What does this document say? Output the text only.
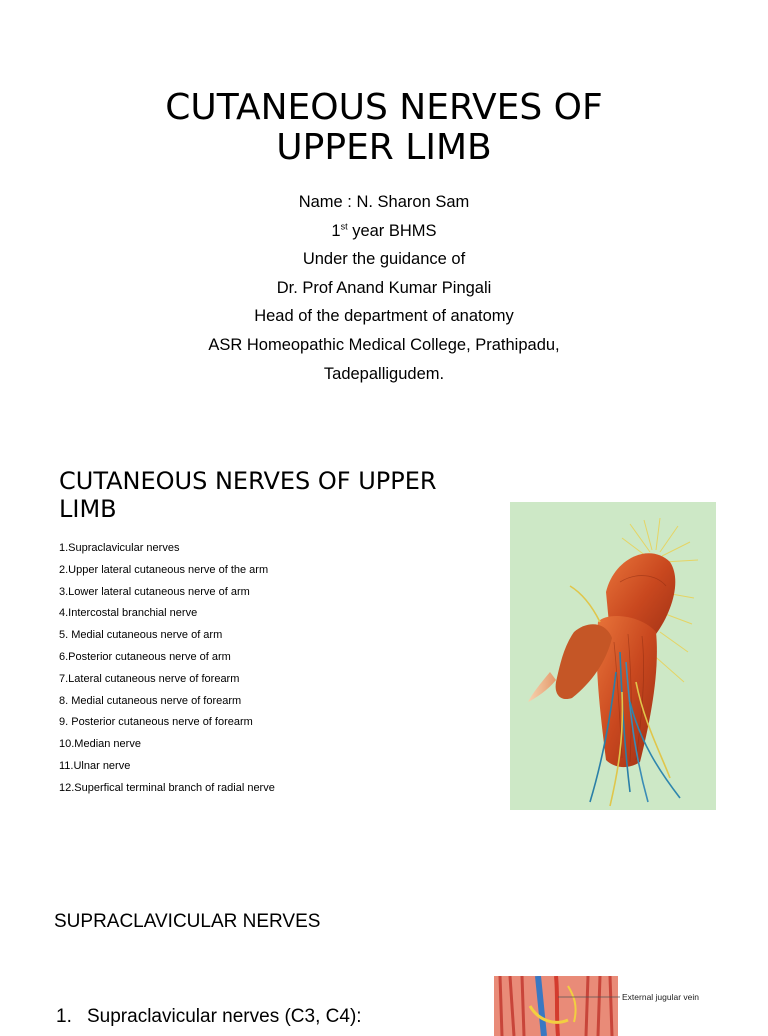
CUTANEOUS NERVES OF
UPPER LIMB
Name : N. Sharon Sam
1st year BHMS
Under the guidance of
Dr. Prof Anand Kumar Pingali
Head of the department of anatomy
ASR Homeopathic Medical College, Prathipadu,
Tadepalligudem.
CUTANEOUS NERVES OF UPPER
LIMB
1.Supraclavicular nerves
2.Upper lateral cutaneous nerve of the arm
3.Lower lateral cutaneous nerve of arm
4.Intercostal branchial nerve
5. Medial cutaneous nerve of arm
6.Posterior cutaneous nerve of arm
7.Lateral cutaneous nerve of forearm
8. Medial cutaneous nerve of forearm
9. Posterior cutaneous nerve of forearm
10.Median nerve
11.Ulnar nerve
12.Superfical terminal branch of radial nerve
SUPRACLAVICULAR NERVES
1. Supraclavicular nerves (C3, C4):
External jugular vein
